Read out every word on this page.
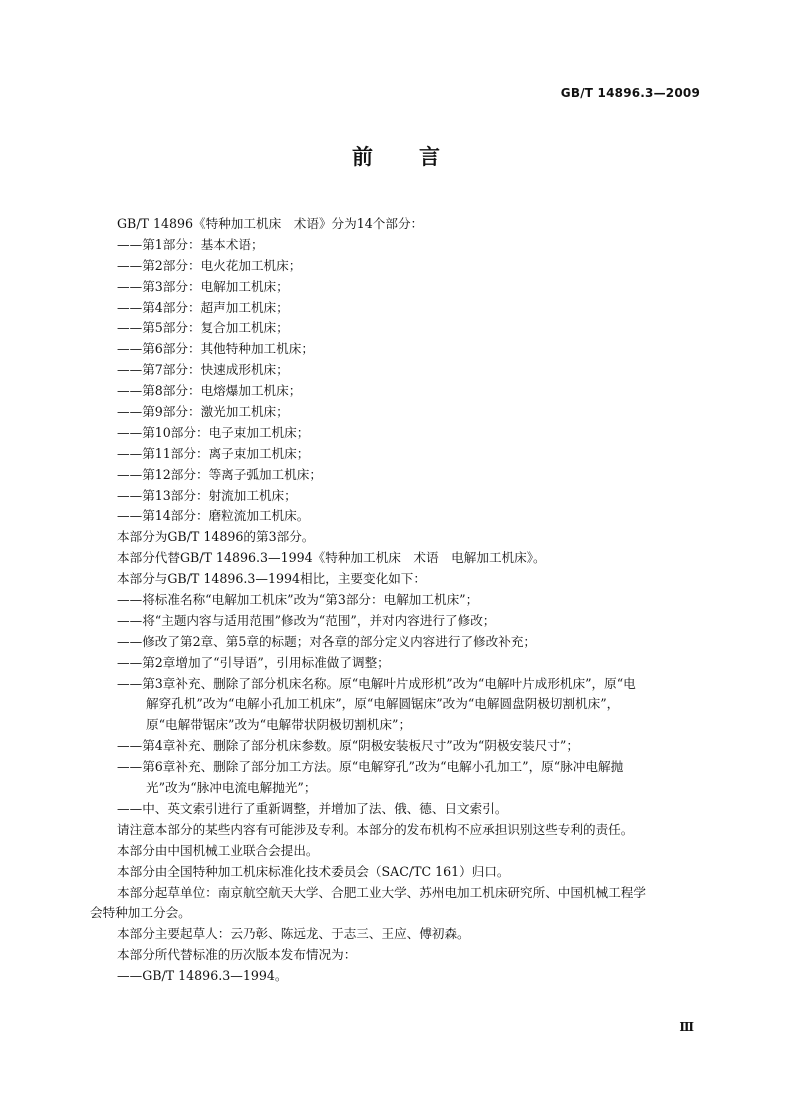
GB/T 14896.3—2009
前 言
GB/T 14896《特种加工机床　术语》分为14个部分：
——第1部分：基本术语；
——第2部分：电火花加工机床；
——第3部分：电解加工机床；
——第4部分：超声加工机床；
——第5部分：复合加工机床；
——第6部分：其他特种加工机床；
——第7部分：快速成形机床；
——第8部分：电熔爆加工机床；
——第9部分：激光加工机床；
——第10部分：电子束加工机床；
——第11部分：离子束加工机床；
——第12部分：等离子弧加工机床；
——第13部分：射流加工机床；
——第14部分：磨粒流加工机床。
本部分为GB/T 14896的第3部分。
本部分代替GB/T 14896.3—1994《特种加工机床　术语　电解加工机床》。
本部分与GB/T 14896.3—1994相比，主要变化如下：
——将标准名称“电解加工机床”改为“第3部分：电解加工机床”；
——将“主题内容与适用范围”修改为“范围”，并对内容进行了修改；
——修改了第2章、第5章的标题；对各章的部分定义内容进行了修改补充；
——第2章增加了“引导语”，引用标准做了调整；
——第3章补充、删除了部分机床名称。原“电解叶片成形机”改为“电解叶片成形机床”，原“电
解穿孔机”改为“电解小孔加工机床”，原“电解圆锯床”改为“电解圆盘阴极切割机床”，
原“电解带锯床”改为“电解带状阴极切割机床”；
——第4章补充、删除了部分机床参数。原“阴极安装板尺寸”改为“阴极安装尺寸”；
——第6章补充、删除了部分加工方法。原“电解穿孔”改为“电解小孔加工”，原“脉冲电解抛
光”改为“脉冲电流电解抛光”；
——中、英文索引进行了重新调整，并增加了法、俄、德、日文索引。
请注意本部分的某些内容有可能涉及专利。本部分的发布机构不应承担识别这些专利的责任。
本部分由中国机械工业联合会提出。
本部分由全国特种加工机床标准化技术委员会（SAC/TC 161）归口。
本部分起草单位：南京航空航天大学、合肥工业大学、苏州电加工机床研究所、中国机械工程学
会特种加工分会。
本部分主要起草人：云乃彰、陈远龙、于志三、王应、傅初森。
本部分所代替标准的历次版本发布情况为：
——GB/T 14896.3—1994。
Ⅲ
